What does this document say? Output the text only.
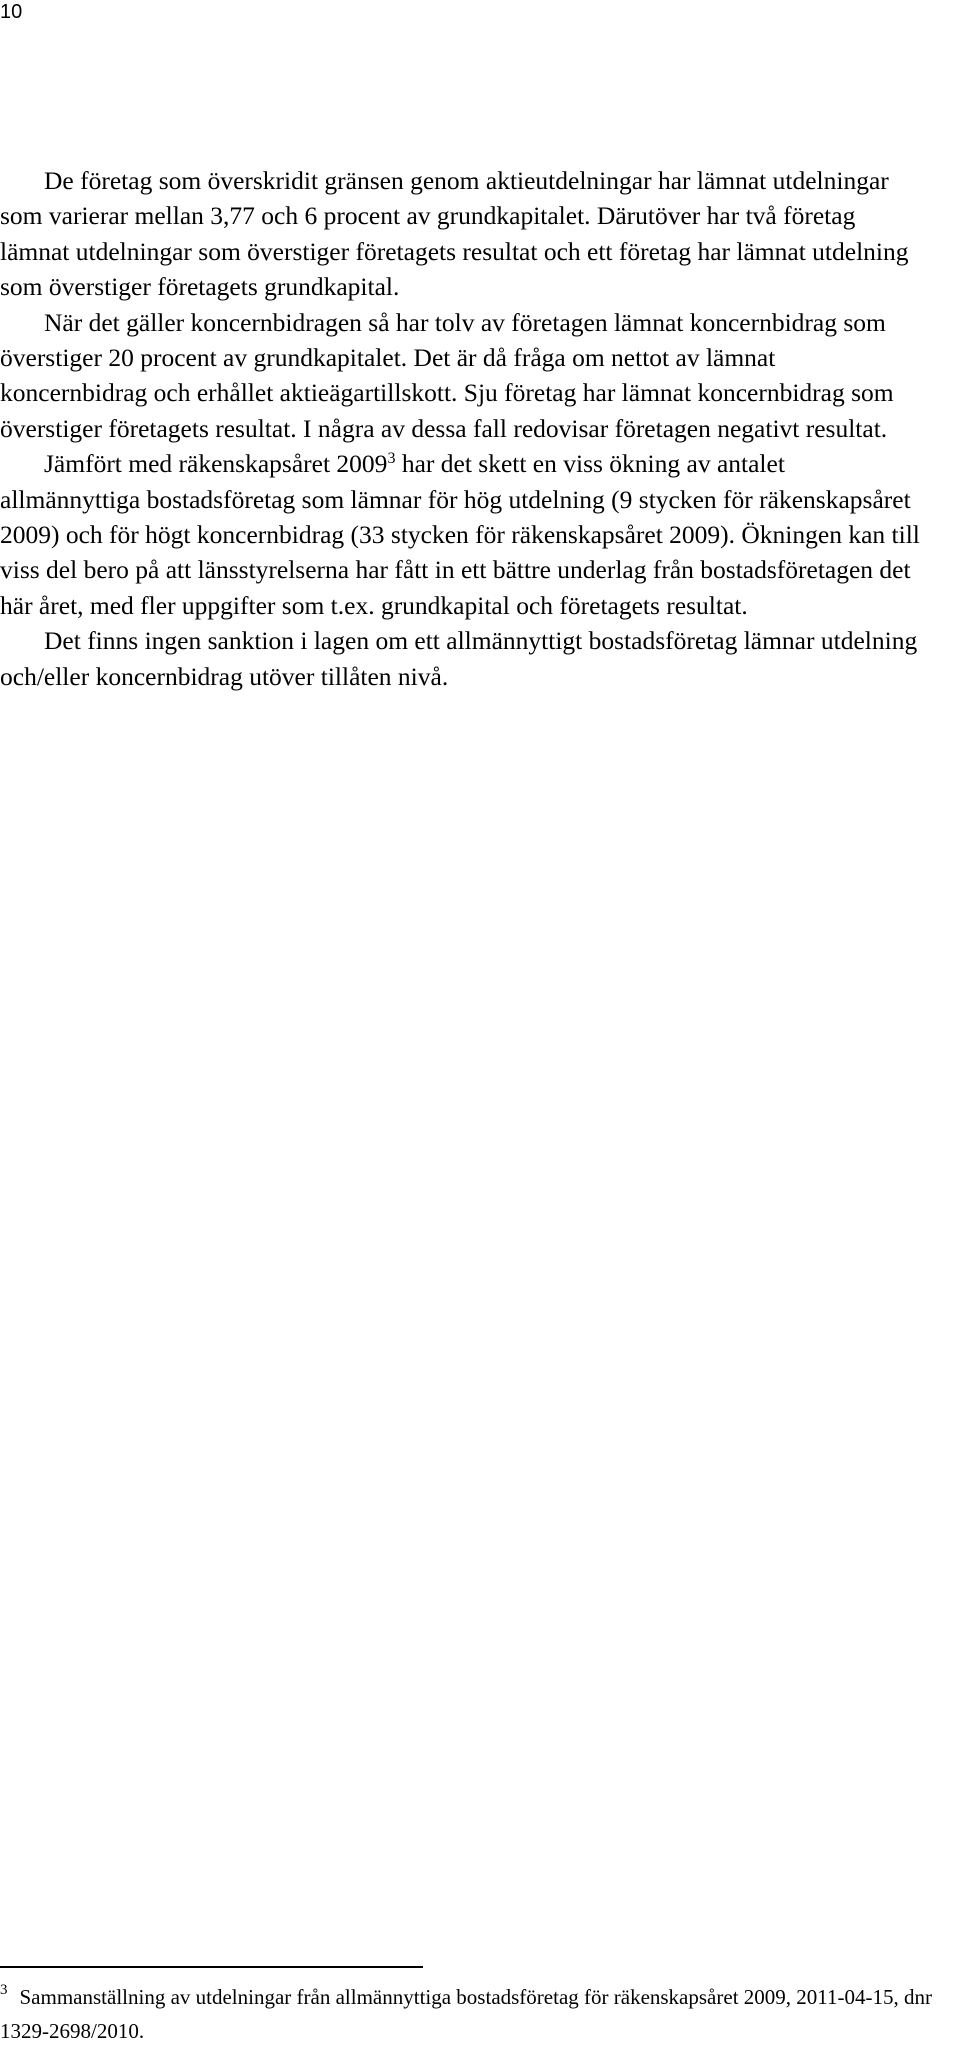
10

De företag som överskridit gränsen genom aktieutdelningar har lämnat utdelningar som varierar mellan 3,77 och 6 procent av grundkapitalet. Därutöver har två företag lämnat utdelningar som överstiger företagets resultat och ett företag har lämnat utdelning som överstiger företagets grundkapital.

När det gäller koncernbidragen så har tolv av företagen lämnat koncernbidrag som överstiger 20 procent av grundkapitalet. Det är då fråga om nettot av lämnat koncernbidrag och erhållet aktieägartillskott. Sju företag har lämnat koncernbidrag som överstiger företagets resultat. I några av dessa fall redovisar företagen negativt resultat.

Jämfört med räkenskapsåret 2009$^3$ har det skett en viss ökning av antalet allmännyttiga bostadsföretag som lämnar för hög utdelning (9 stycken för räkenskapsåret 2009) och för högt koncernbidrag (33 stycken för räkenskapsåret 2009). Ökningen kan till viss del bero på att länsstyrelserna har fått in ett bättre underlag från bostadsföretagen det här året, med fler uppgifter som t.ex. grundkapital och företagets resultat.

Det finns ingen sanktion i lagen om ett allmännyttigt bostadsföretag lämnar utdelning och/eller koncernbidrag utöver tillåten nivå.

$^3$ Sammanställning av utdelningar från allmännyttiga bostadsföretag för räkenskapsåret 2009, 2011-04-15, dnr 1329-2698/2010.
